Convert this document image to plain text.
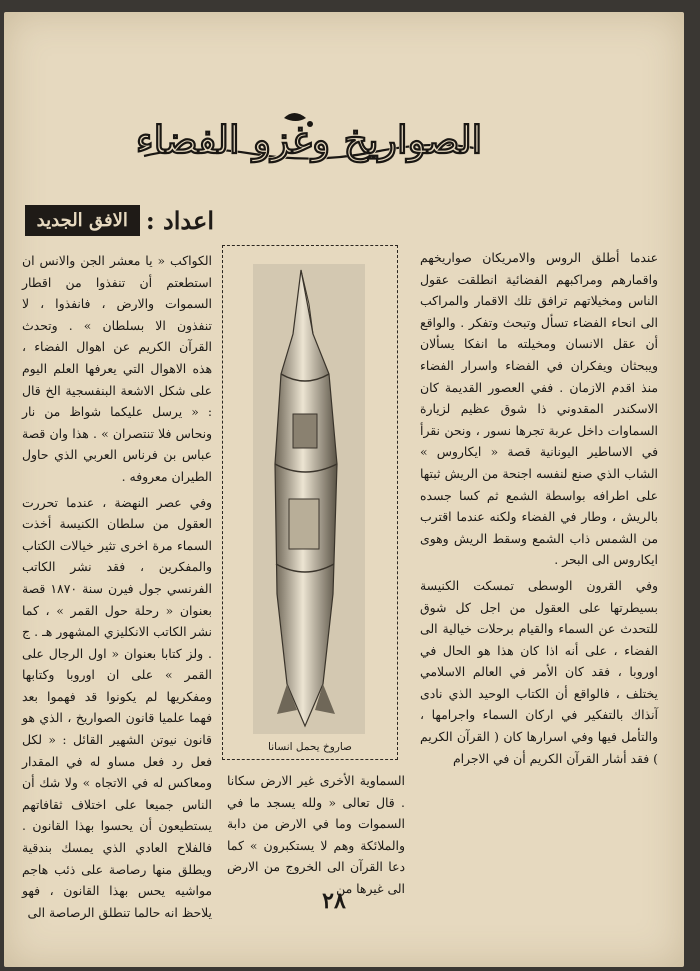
الصواريخ وغزو الفضاء
اعداد :
الافق الجديد

عندما أطلق الروس والامريكان صواريخهم واقمارهم ومراكبهم الفضائية انطلقت عقول الناس ومخيلاتهم ترافق تلك الاقمار والمراكب الى انحاء الفضاء تسأل وتبحث وتفكر . والواقع أن عقل الانسان ومخيلته ما انفكا يسألان ويبحثان ويفكران في الفضاء واسرار الفضاء منذ اقدم الازمان . ففي العصور القديمة كان الاسكندر المقدوني ذا شوق عظيم لزيارة السماوات داخل عربة تجرها نسور ، ونحن نقرأ في الاساطير اليونانية قصة « ايكاروس » الشاب الذي صنع لنفسه اجنحة من الريش ثبتها على اطرافه بواسطة الشمع ثم كسا جسده بالريش ، وطار في الفضاء ولكنه عندما اقترب من الشمس ذاب الشمع وسقط الريش وهوى ايكاروس الى البحر .

وفي القرون الوسطى تمسكت الكنيسة بسيطرتها على العقول من اجل كل شوق للتحدث عن السماء والقيام برحلات خيالية الى الفضاء ، على أنه اذا كان هذا هو الحال في اوروبا ، فقد كان الأمر في العالم الاسلامي يختلف ، فالواقع أن الكتاب الوحيد الذي نادى آنذاك بالتفكير في اركان السماء واجرامها ، والتأمل فيها وفي اسرارها كان ( القرآن الكريم ) فقد أشار القرآن الكريم أن في الاجرام

صاروخ يحمل انسانا

السماوية الأخرى غير الارض سكانا . قال تعالى « ولله يسجد ما في السموات وما في الارض من دابة والملائكة وهم لا يستكبرون » كما دعا القرآن الى الخروج من الارض الى غيرها من

الكواكب « يا معشر الجن والانس ان استطعتم أن تنفذوا من اقطار السموات والارض ، فانفذوا ، لا تنفذون الا بسلطان » . وتحدث القرآن الكريم عن اهوال الفضاء ، هذه الاهوال التي يعرفها العلم اليوم على شكل الاشعة البنفسجية الخ قال : « يرسل عليكما شواظ من نار ونحاس فلا تنتصران » . هذا وان قصة عباس بن فرناس العربي الذي حاول الطيران معروفه .

وفي عصر النهضة ، عندما تحررت العقول من سلطان الكنيسة أخذت السماء مرة اخرى تثير خيالات الكتاب والمفكرين ، فقد نشر الكاتب الفرنسي جول فيرن سنة ١٨٧٠ قصة بعنوان « رحلة حول القمر » ، كما نشر الكاتب الانكليزي المشهور هـ . ج . ولز كتابا بعنوان « اول الرجال على القمر » على ان اوروبا وكتابها ومفكريها لم يكونوا قد فهموا بعد فهما علميا قانون الصواريخ ، الذي هو قانون نيوتن الشهير القائل : « لكل فعل رد فعل مساو له في المقدار ومعاكس له في الاتجاه » ولا شك أن الناس جميعا على اختلاف ثقافاتهم يستطيعون أن يحسوا بهذا القانون . فالفلاح العادي الذي يمسك بندقية ويطلق منها رصاصة على ذئب هاجم مواشيه يحس بهذا القانون ، فهو يلاحظ انه حالما تنطلق الرصاصة الى	٢٨
